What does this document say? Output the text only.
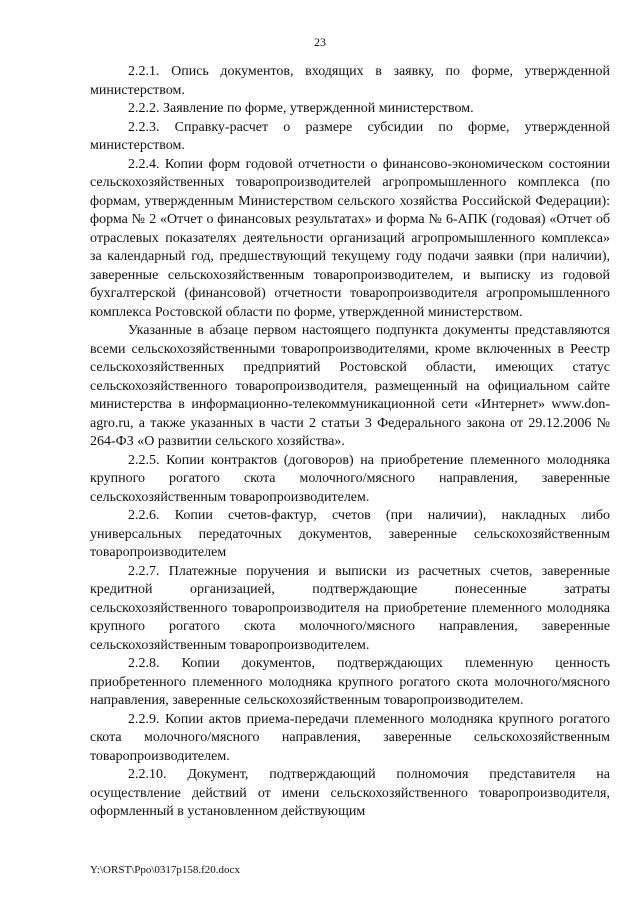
23

2.2.1. Опись документов, входящих в заявку, по форме, утвержденной министерством.

2.2.2. Заявление по форме, утвержденной министерством.

2.2.3. Справку-расчет о размере субсидии по форме, утвержденной министерством.

2.2.4. Копии форм годовой отчетности о финансово-экономическом состоянии сельскохозяйственных товаропроизводителей агропромышленного комплекса (по формам, утвержденным Министерством сельского хозяйства Российской Федерации): форма № 2 «Отчет о финансовых результатах» и форма № 6-АПК (годовая) «Отчет об отраслевых показателях деятельности организаций агропромышленного комплекса» за календарный год, предшествующий текущему году подачи заявки (при наличии), заверенные сельскохозяйственным товаропроизводителем, и выписку из годовой бухгалтерской (финансовой) отчетности товаропроизводителя агропромышленного комплекса Ростовской области по форме, утвержденной министерством.

Указанные в абзаце первом настоящего подпункта документы представляются всеми сельскохозяйственными товаропроизводителями, кроме включенных в Реестр сельскохозяйственных предприятий Ростовской области, имеющих статус сельскохозяйственного товаропроизводителя, размещенный на официальном сайте министерства в информационно-телекоммуникационной сети «Интернет» www.don-agro.ru, а также указанных в части 2 статьи 3 Федерального закона от 29.12.2006 № 264-ФЗ «О развитии сельского хозяйства».

2.2.5. Копии контрактов (договоров) на приобретение племенного молодняка крупного рогатого скота молочного/мясного направления, заверенные сельскохозяйственным товаропроизводителем.

2.2.6. Копии счетов-фактур, счетов (при наличии), накладных либо универсальных передаточных документов, заверенные сельскохозяйственным товаропроизводителем

2.2.7. Платежные поручения и выписки из расчетных счетов, заверенные кредитной организацией, подтверждающие понесенные затраты сельскохозяйственного товаропроизводителя на приобретение племенного молодняка крупного рогатого скота молочного/мясного направления, заверенные сельскохозяйственным товаропроизводителем.

2.2.8. Копии документов, подтверждающих племенную ценность приобретенного племенного молодняка крупного рогатого скота молочного/мясного направления, заверенные сельскохозяйственным товаропроизводителем.

2.2.9. Копии актов приема-передачи племенного молодняка крупного рогатого скота молочного/мясного направления, заверенные сельскохозяйственным товаропроизводителем.

2.2.10. Документ, подтверждающий полномочия представителя на осуществление действий от имени сельскохозяйственного товаропроизводителя, оформленный в установленном действующим

Y:\ORST\Ppo\0317p158.f20.docx
